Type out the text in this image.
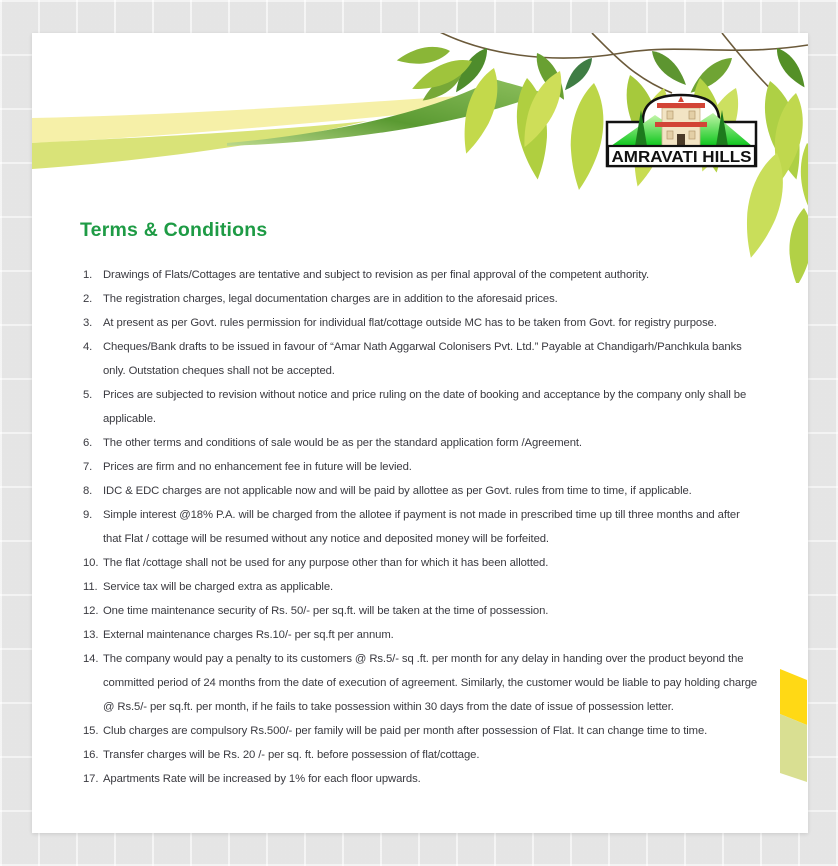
AMRAVATI HILLS
Terms & Conditions
1. Drawings of Flats/Cottages are tentative and subject to revision as per final approval of the competent authority.
2. The registration charges, legal documentation charges are in addition to the aforesaid prices.
3. At present as per Govt. rules permission for individual flat/cottage outside MC has to be taken from Govt. for registry purpose.
4. Cheques/Bank drafts to be issued in favour of “Amar Nath Aggarwal Colonisers Pvt. Ltd.” Payable at Chandigarh/Panchkula banks only. Outstation cheques shall not be accepted.
5. Prices are subjected to revision without notice and price ruling on the date of booking and acceptance by the company only shall be applicable.
6. The other terms and conditions of sale would be as per the standard application form /Agreement.
7. Prices are firm and no enhancement fee in future will be levied.
8. IDC & EDC charges are not applicable now and will be paid by allottee as per Govt. rules from time to time, if applicable.
9. Simple interest @18% P.A. will be charged from the allotee if payment is not made in prescribed time up till three months and after that Flat / cottage will be resumed without any notice and deposited money will be forfeited.
10. The flat /cottage shall not be used for any purpose other than for which it has been allotted.
11. Service tax will be charged extra as applicable.
12. One time maintenance security of Rs. 50/- per sq.ft. will be taken at the time of possession.
13. External maintenance charges Rs.10/- per sq.ft per annum.
14. The company would pay a penalty to its customers @ Rs.5/- sq .ft. per month for any delay in handing over the product beyond the committed period of 24 months from the date of execution of agreement. Similarly, the customer would be liable to pay holding charge @ Rs.5/- per sq.ft. per month, if he fails to take possession within 30 days from the date of issue of possession letter.
15. Club charges are compulsory Rs.500/- per family will be paid per month after possession of Flat. It can change time to time.
16. Transfer charges will be Rs. 20 /- per sq. ft. before possession of flat/cottage.
17. Apartments Rate will be increased by 1% for each floor upwards.
